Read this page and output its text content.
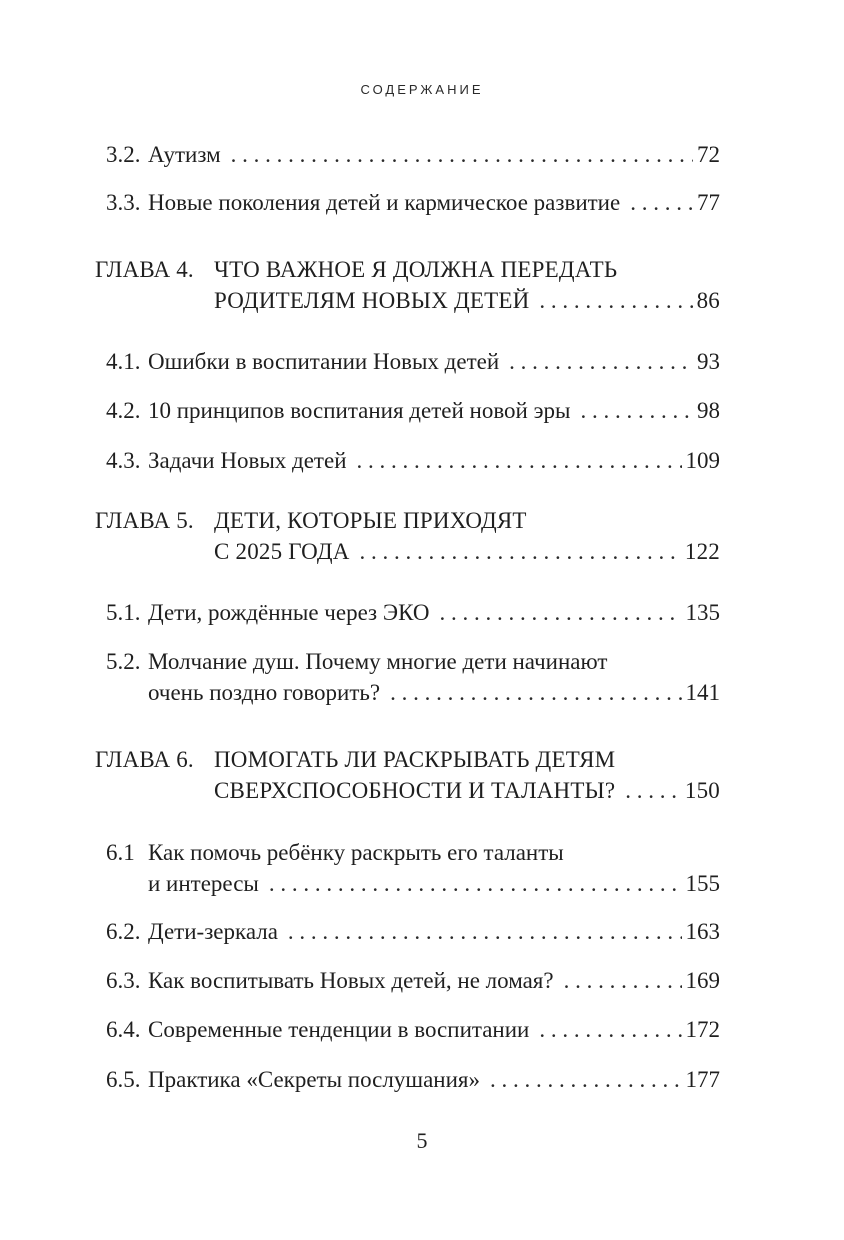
СОДЕРЖАНИЕ
3.2. Аутизм . . .	72
3.3. Новые поколения детей и кармическое развитие . . .	77
ГЛАВА 4. ЧТО ВАЖНОЕ Я ДОЛЖНА ПЕРЕДАТЬ
РОДИТЕЛЯМ НОВЫХ ДЕТЕЙ . . .	86
4.1. Ошибки в воспитании Новых детей . . .	93
4.2. 10 принципов воспитания детей новой эры . . .	98
4.3. Задачи Новых детей . . .	109
ГЛАВА 5. ДЕТИ, КОТОРЫЕ ПРИХОДЯТ
С 2025 ГОДА . . .	122
5.1. Дети, рождённые через ЭКО . . .	135
5.2. Молчание душ. Почему многие дети начинают
очень поздно говорить? . . .	141
ГЛАВА 6. ПОМОГАТЬ ЛИ РАСКРЫВАТЬ ДЕТЯМ
СВЕРХСПОСОБНОСТИ И ТАЛАНТЫ? . . .	150
6.1 Как помочь ребёнку раскрыть его таланты
и интересы . . .	155
6.2. Дети-зеркала . . .	163
6.3. Как воспитывать Новых детей, не ломая? . . .	169
6.4. Современные тенденции в воспитании . . .	172
6.5. Практика «Секреты послушания» . . .	177
5
